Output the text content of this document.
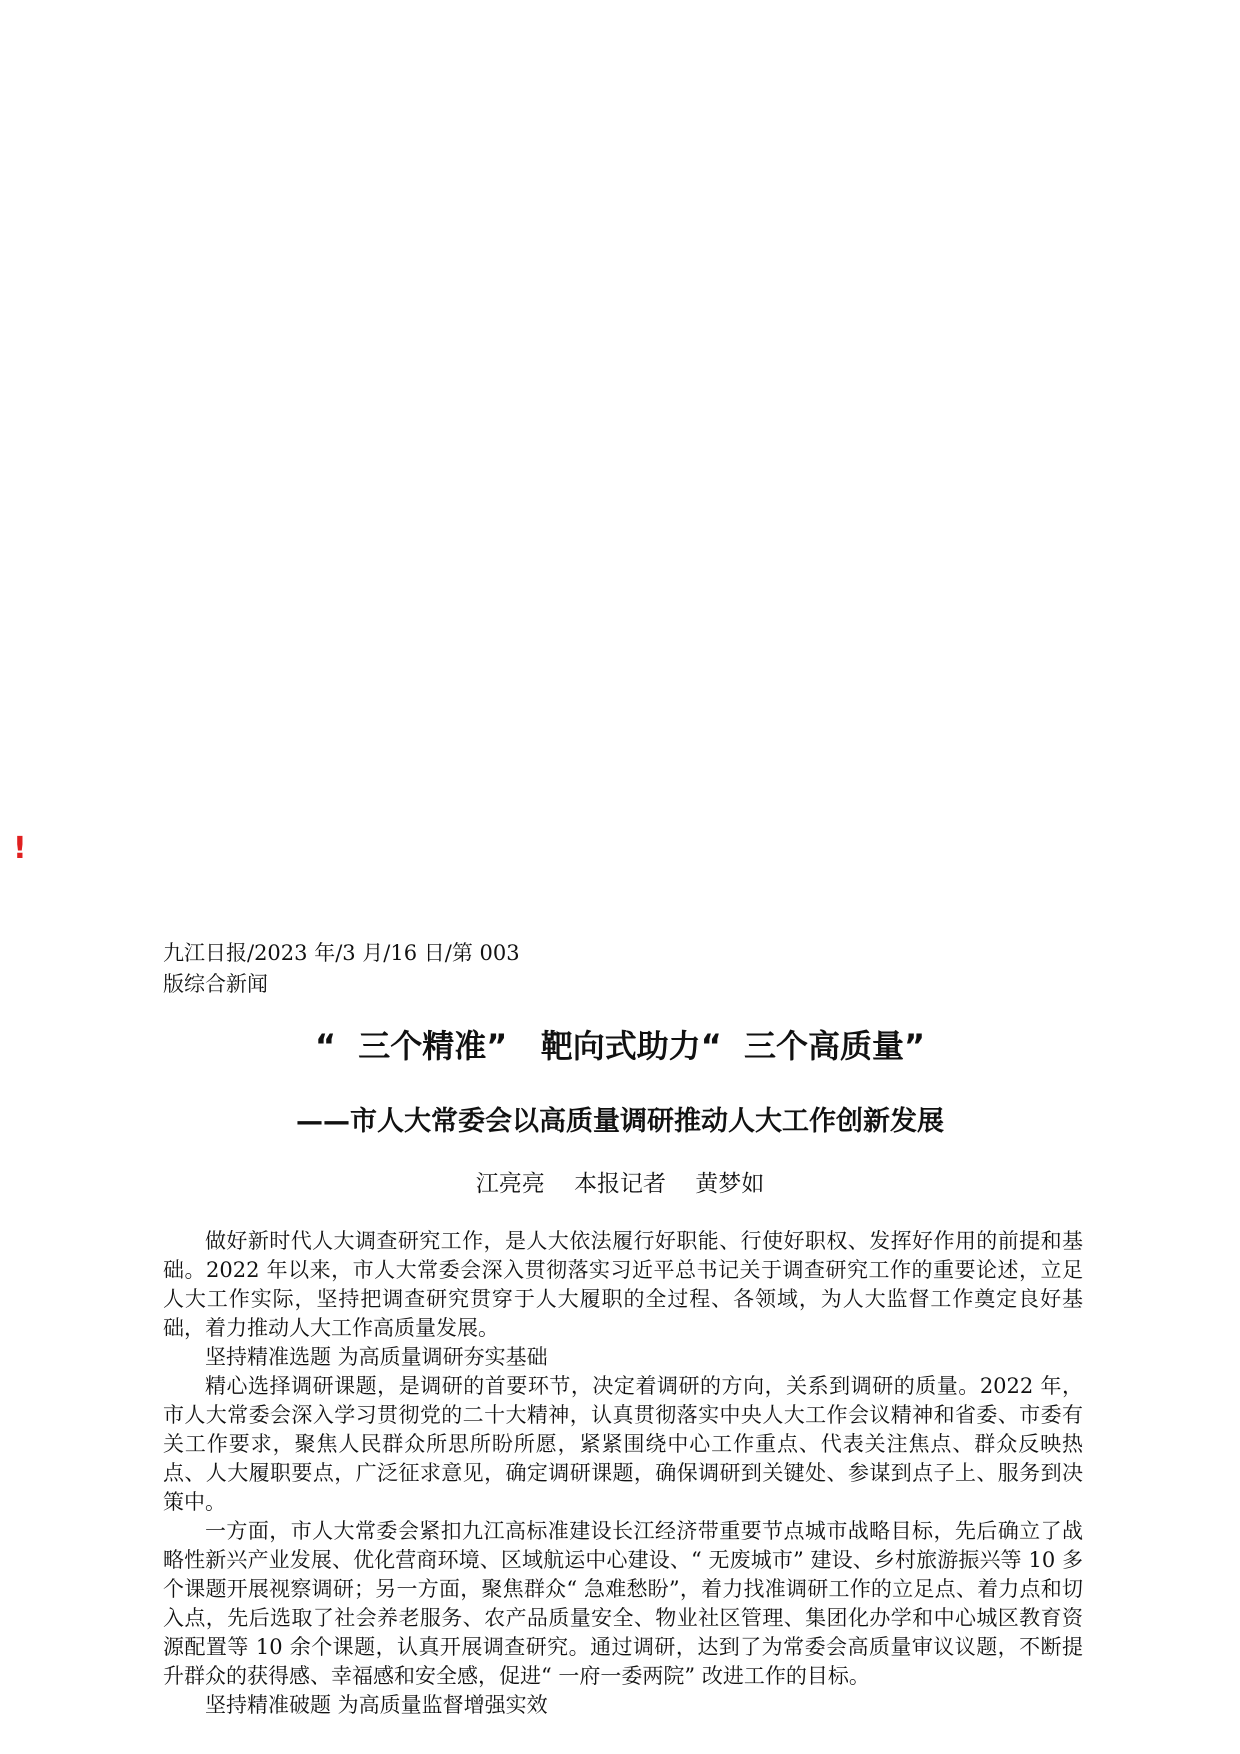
!
九江日报/2023 年/3 月/16 日/第 003
版综合新闻
“  三个精准”   靶向式助力“  三个高质量”
——市人大常委会以高质量调研推动人大工作创新发展
江亮亮    本报记者    黄梦如

做好新时代人大调查研究工作，是人大依法履行好职能、行使好职权、发挥好作用的前提和基础。2022 年以来，市人大常委会深入贯彻落实习近平总书记关于调查研究工作的重要论述，立足人大工作实际，坚持把调查研究贯穿于人大履职的全过程、各领域，为人大监督工作奠定良好基础，着力推动人大工作高质量发展。

坚持精准选题 为高质量调研夯实基础

精心选择调研课题，是调研的首要环节，决定着调研的方向，关系到调研的质量。2022 年，市人大常委会深入学习贯彻党的二十大精神，认真贯彻落实中央人大工作会议精神和省委、市委有关工作要求，聚焦人民群众所思所盼所愿，紧紧围绕中心工作重点、代表关注焦点、群众反映热点、人大履职要点，广泛征求意见，确定调研课题，确保调研到关键处、参谋到点子上、服务到决策中。

一方面，市人大常委会紧扣九江高标准建设长江经济带重要节点城市战略目标，先后确立了战略性新兴产业发展、优化营商环境、区域航运中心建设、“ 无废城市” 建设、乡村旅游振兴等 10 多个课题开展视察调研；另一方面，聚焦群众“ 急难愁盼”，着力找准调研工作的立足点、着力点和切入点，先后选取了社会养老服务、农产品质量安全、物业社区管理、集团化办学和中心城区教育资源配置等 10 余个课题，认真开展调查研究。通过调研，达到了为常委会高质量审议议题，不断提升群众的获得感、幸福感和安全感，促进“ 一府一委两院” 改进工作的目标。

坚持精准破题 为高质量监督增强实效
